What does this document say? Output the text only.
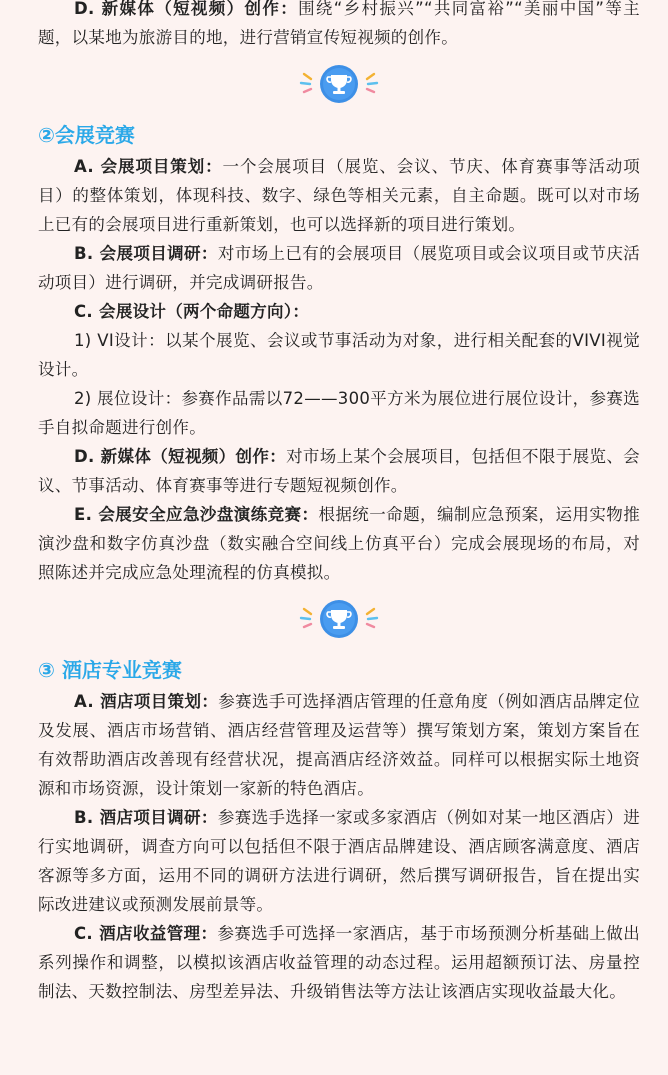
D. 新媒体（短视频）创作：围绕“乡村振兴”“共同富裕”“美丽中国”等主题，以某地为旅游目的地，进行营销宣传短视频的创作。

②会展竞赛

A. 会展项目策划：一个会展项目（展览、会议、节庆、体育赛事等活动项目）的整体策划，体现科技、数字、绿色等相关元素，自主命题。既可以对市场上已有的会展项目进行重新策划，也可以选择新的项目进行策划。

B. 会展项目调研：对市场上已有的会展项目（展览项目或会议项目或节庆活动项目）进行调研，并完成调研报告。

C. 会展设计（两个命题方向）：

1) VI设计：以某个展览、会议或节事活动为对象，进行相关配套的VIVI视觉设计。

2) 展位设计：参赛作品需以72——300平方米为展位进行展位设计，参赛选手自拟命题进行创作。

D. 新媒体（短视频）创作：对市场上某个会展项目，包括但不限于展览、会议、节事活动、体育赛事等进行专题短视频创作。

E. 会展安全应急沙盘演练竞赛：根据统一命题，编制应急预案，运用实物推演沙盘和数字仿真沙盘（数实融合空间线上仿真平台）完成会展现场的布局，对照陈述并完成应急处理流程的仿真模拟。

③ 酒店专业竞赛

A. 酒店项目策划：参赛选手可选择酒店管理的任意角度（例如酒店品牌定位及发展、酒店市场营销、酒店经营管理及运营等）撰写策划方案，策划方案旨在有效帮助酒店改善现有经营状况，提高酒店经济效益。同样可以根据实际土地资源和市场资源，设计策划一家新的特色酒店。

B. 酒店项目调研：参赛选手选择一家或多家酒店（例如对某一地区酒店）进行实地调研，调查方向可以包括但不限于酒店品牌建设、酒店顾客满意度、酒店客源等多方面，运用不同的调研方法进行调研，然后撰写调研报告，旨在提出实际改进建议或预测发展前景等。

C. 酒店收益管理：参赛选手可选择一家酒店，基于市场预测分析基础上做出系列操作和调整，以模拟该酒店收益管理的动态过程。运用超额预订法、房量控制法、天数控制法、房型差异法、升级销售法等方法让该酒店实现收益最大化。
